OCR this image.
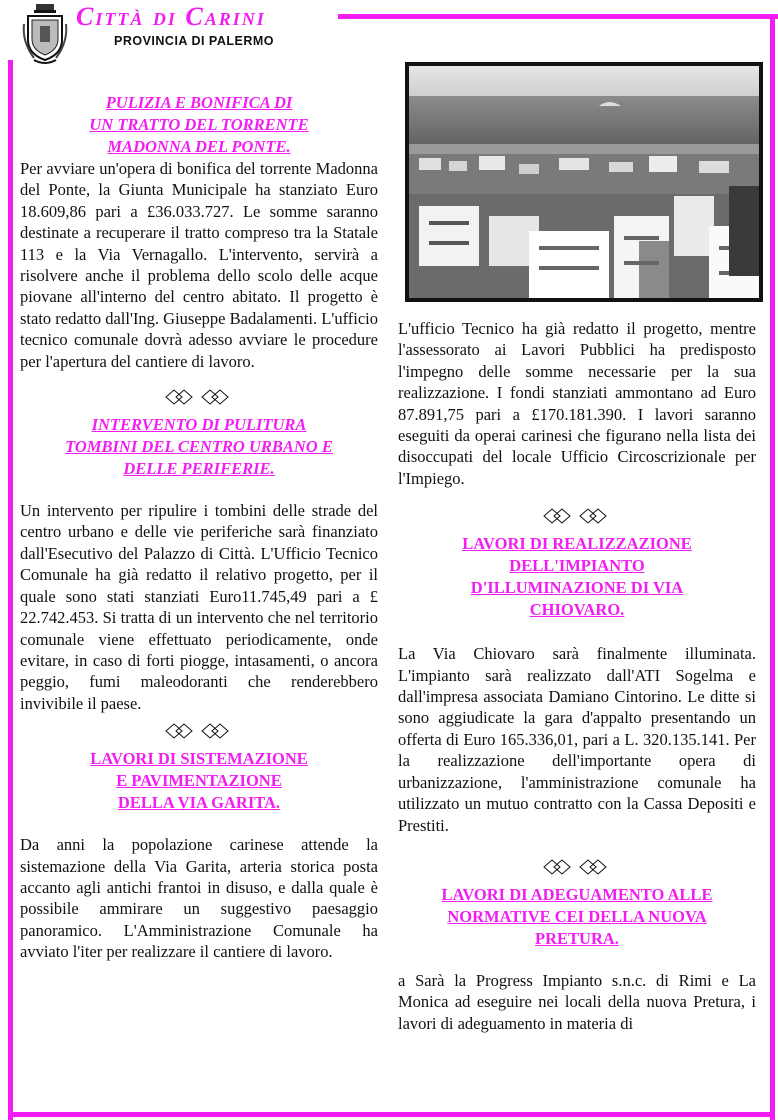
Città di Carini
PROVINCIA DI PALERMO
PULIZIA E BONIFICA DI
UN TRATTO DEL TORRENTE
MADONNA DEL PONTE.

Per avviare un'opera di bonifica del torrente Madonna del Ponte, la Giunta Municipale ha stanziato Euro 18.609,86 pari a £36.033.727. Le somme saranno destinate a recuperare il tratto compreso tra la Statale 113 e la Via Vernagallo. L'intervento, servirà a risolvere anche il problema dello scolo delle acque piovane all'interno del centro abitato. Il progetto è stato redatto dall'Ing. Giuseppe Badalamenti. L'ufficio tecnico comunale dovrà adesso avviare le procedure per l'apertura del cantiere di lavoro.

INTERVENTO DI PULITURA
TOMBINI DEL CENTRO URBANO E
DELLE PERIFERIE.

Un intervento per ripulire i tombini delle strade del centro urbano e delle vie periferiche sarà finanziato dall'Esecutivo del Palazzo di Città. L'Ufficio Tecnico Comunale ha già redatto il relativo progetto, per il quale sono stati stanziati Euro11.745,49 pari a £ 22.742.453. Si tratta di un intervento che nel territorio comunale viene effettuato periodicamente, onde evitare, in caso di forti piogge, intasamenti, o ancora peggio, fumi maleodoranti che renderebbero invivibile il paese.

LAVORI DI SISTEMAZIONE
E PAVIMENTAZIONE
DELLA VIA GARITA.

Da anni la popolazione carinese attende la sistemazione della Via Garita, arteria storica posta accanto agli antichi frantoi in disuso, e dalla quale è possibile ammirare un suggestivo paesaggio panoramico. L'Amministrazione Comunale ha avviato l'iter per realizzare il cantiere di lavoro.

L'ufficio Tecnico ha già redatto il progetto, mentre l'assessorato ai Lavori Pubblici ha predisposto l'impegno delle somme necessarie per la sua realizzazione. I fondi stanziati ammontano ad Euro 87.891,75 pari a £170.181.390. I lavori saranno eseguiti da operai carinesi che figurano nella lista dei disoccupati del locale Ufficio Circoscrizionale per l'Impiego.

LAVORI DI REALIZZAZIONE
DELL'IMPIANTO
D'ILLUMINAZIONE DI VIA
CHIOVARO.

La Via Chiovaro sarà finalmente illuminata. L'impianto sarà realizzato dall'ATI Sogelma e dall'impresa associata Damiano Cintorino. Le ditte si sono aggiudicate la gara d'appalto presentando un offerta di Euro 165.336,01, pari a L. 320.135.141. Per la realizzazione dell'importante opera di urbanizzazione, l'amministrazione comunale ha utilizzato un mutuo contratto con la Cassa Depositi e Prestiti.

LAVORI DI ADEGUAMENTO ALLE
NORMATIVE CEI DELLA NUOVA
PRETURA.

a Sarà la Progress Impianto s.n.c. di Rimi e La Monica ad eseguire nei locali della nuova Pretura, i lavori di adeguamento in materia di
